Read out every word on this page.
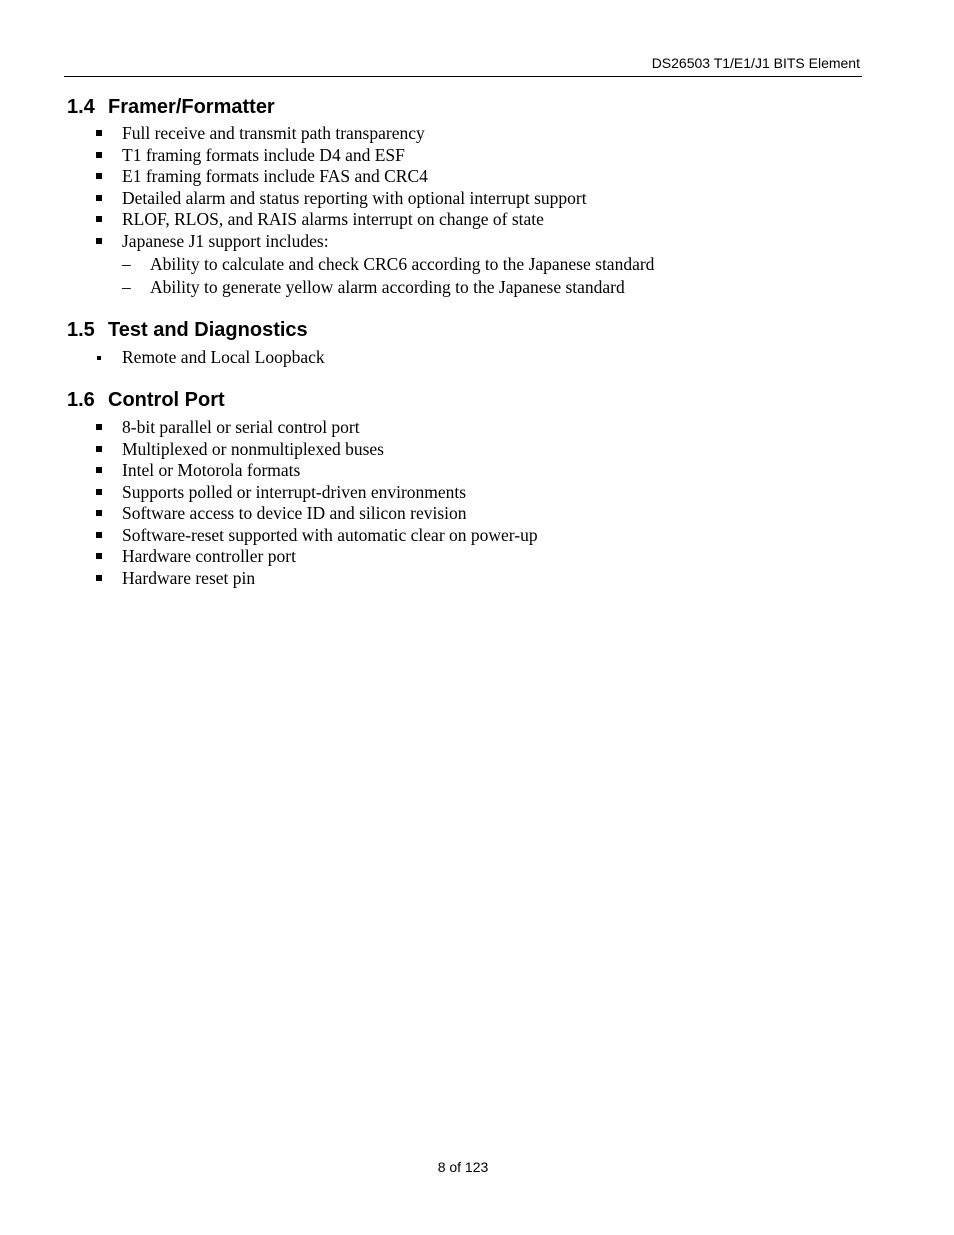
DS26503 T1/E1/J1 BITS Element
1.4 Framer/Formatter
Full receive and transmit path transparency
T1 framing formats include D4 and ESF
E1 framing formats include FAS and CRC4
Detailed alarm and status reporting with optional interrupt support
RLOF, RLOS, and RAIS alarms interrupt on change of state
Japanese J1 support includes:
– Ability to calculate and check CRC6 according to the Japanese standard
– Ability to generate yellow alarm according to the Japanese standard
1.5 Test and Diagnostics
Remote and Local Loopback
1.6 Control Port
8-bit parallel or serial control port
Multiplexed or nonmultiplexed buses
Intel or Motorola formats
Supports polled or interrupt-driven environments
Software access to device ID and silicon revision
Software-reset supported with automatic clear on power-up
Hardware controller port
Hardware reset pin
8 of 123
